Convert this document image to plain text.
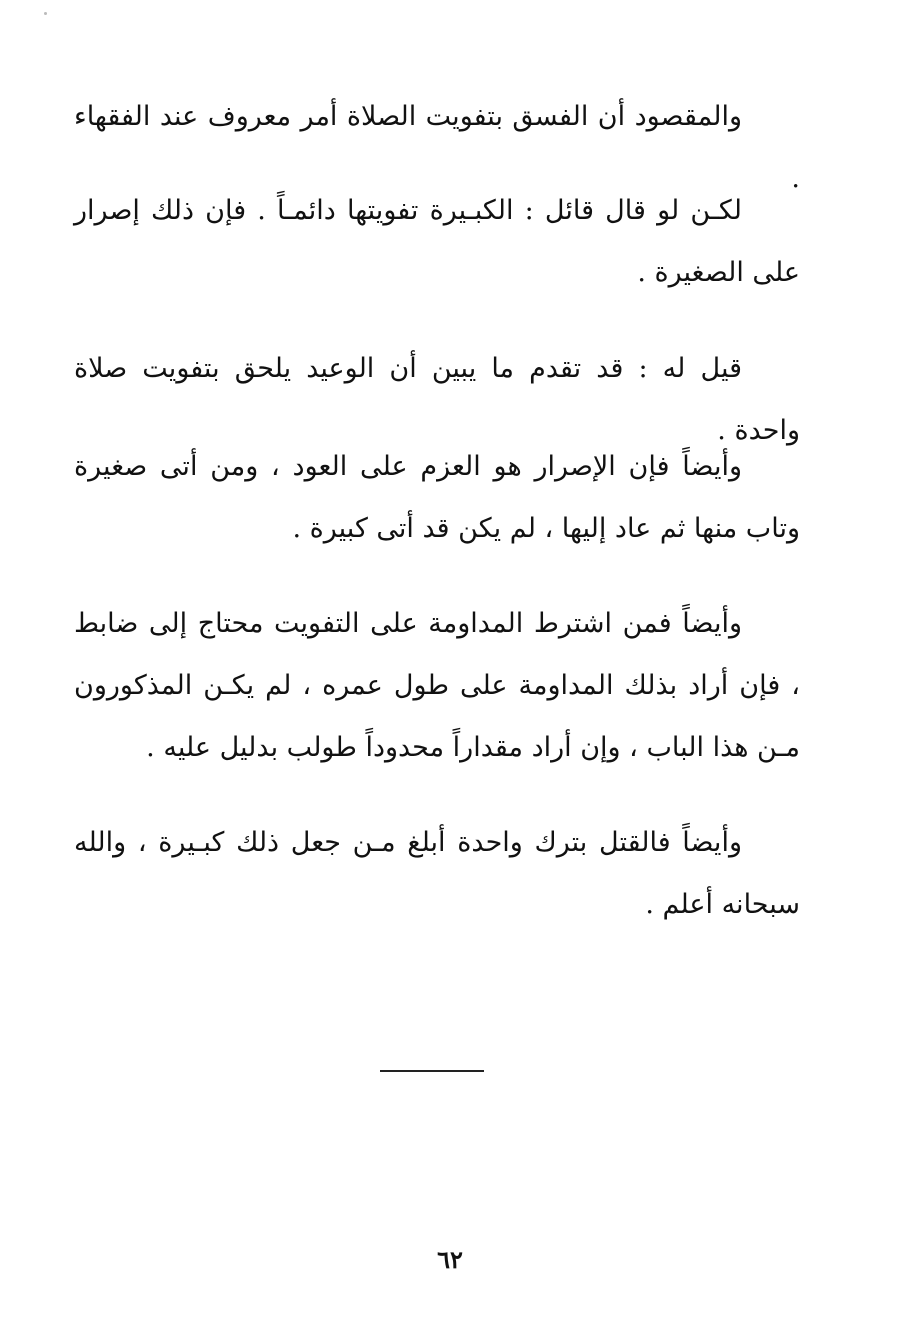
والمقصود أن الفسق بتفويت الصلاة أمر معروف عند الفقهاء .

لكـن لو قال قائل : الكبـيرة تفويتها دائمـاً . فإن ذلك إصرار على الصغيرة .

قيل له : قد تقدم ما يبين أن الوعيد يلحق بتفويت صلاة واحدة .

وأيضاً فإن الإصرار هو العزم على العود ، ومن أتى صغيرة وتاب منها ثم عاد إليها ، لم يكن قد أتى كبيرة .

وأيضاً فمن اشترط المداومة على التفويت محتاج إلى ضابط ، فإن أراد بذلك المداومة على طول عمره ، لم يكـن المذكورون مـن هذا الباب ، وإن أراد مقداراً محدوداً طولب بدليل عليه .

وأيضاً فالقتل بترك واحدة أبلغ مـن جعل ذلك كبـيرة ، والله سبحانه أعلم .

٦٢
